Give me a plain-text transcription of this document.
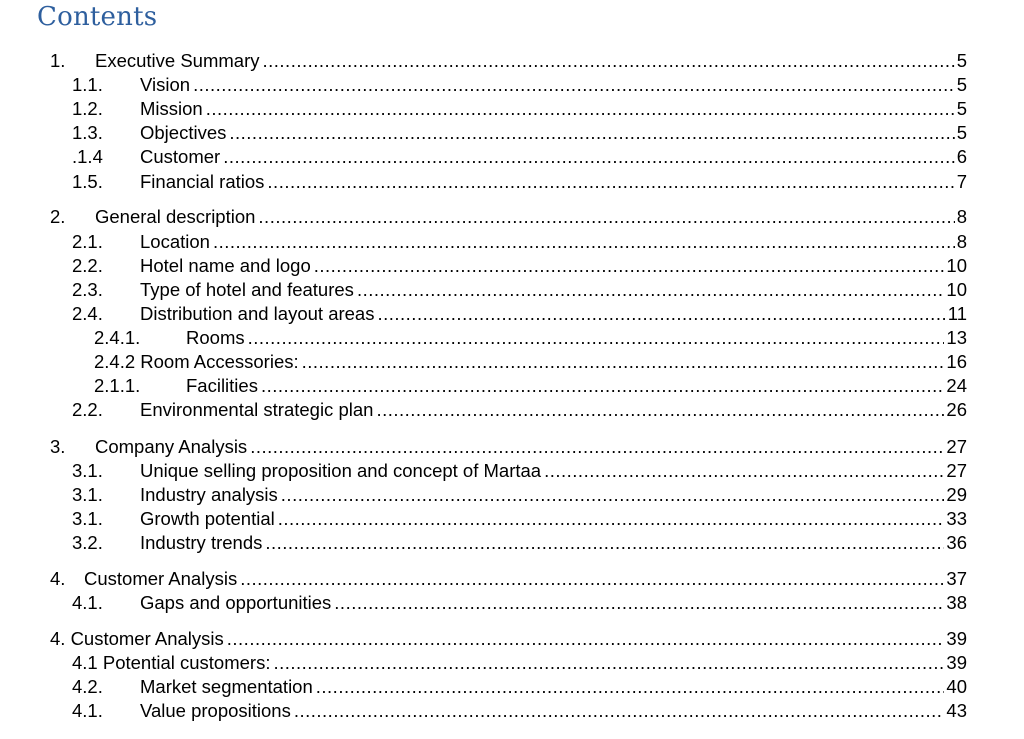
Contents
1.	Executive Summary .....	5
1.1.	Vision .....	5
1.2.	Mission .....	5
1.3.	Objectives .....	5
.1.4	Customer .....	6
1.5.	Financial ratios .....	7
2.	General description .....	8
2.1.	Location .....	8
2.2.	Hotel name and logo .....	10
2.3.	Type of hotel and features .....	10
2.4.	Distribution and layout areas .....	11
2.4.1.	Rooms .....	13
2.4.2 Room Accessories: .....	16
2.1.1.	Facilities .....	24
2.2.	Environmental strategic plan .....	26
3.	Company Analysis .....	27
3.1.	Unique selling proposition and concept of Martaa .....	27
3.1.	Industry analysis .....	29
3.1.	Growth potential .....	33
3.2.	Industry trends .....	36
4.	Customer Analysis .....	37
4.1.	Gaps and opportunities .....	38
4. Customer Analysis .....	39
4.1 Potential customers: .....	39
4.2.	Market segmentation .....	40
4.1.	Value propositions .....	43
